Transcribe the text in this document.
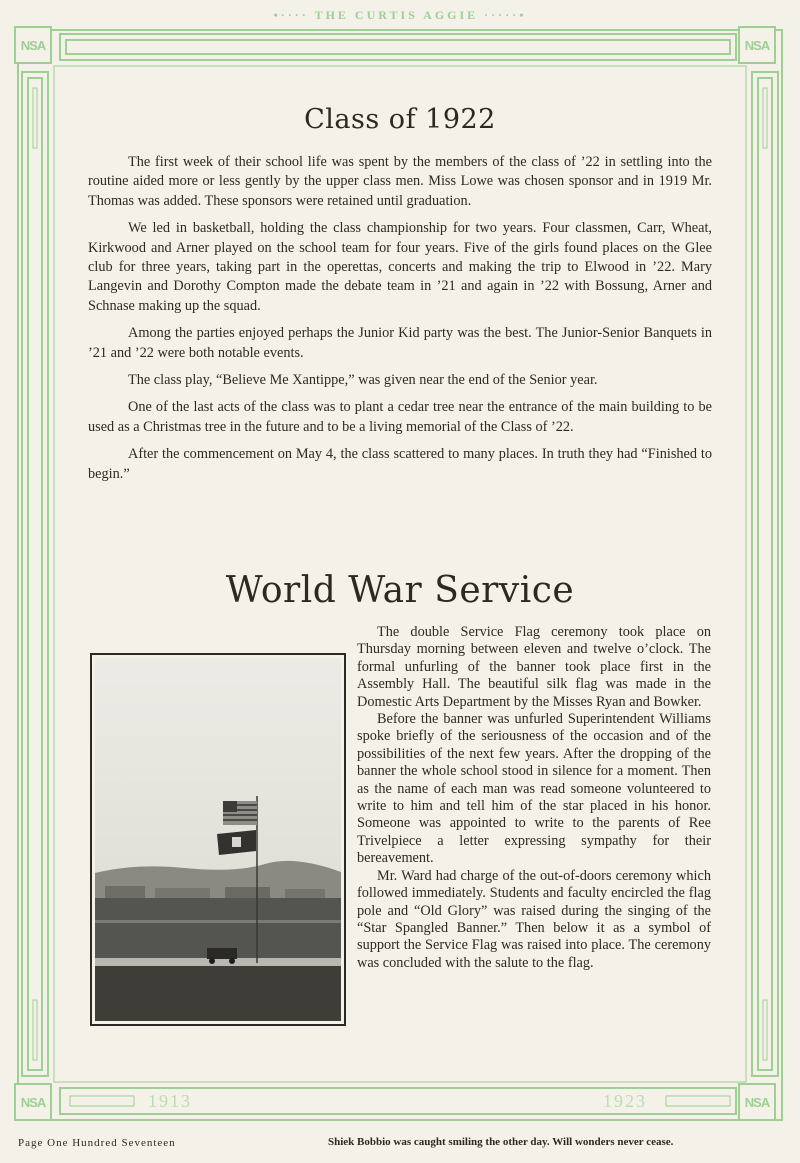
•···· THE CURTIS AGGIE ·····•
NSA	NSA
NSA	NSA
1913	1923
Class of 1922

The first week of their school life was spent by the members of the class of ’22 in settling into the routine aided more or less gently by the upper class men. Miss Lowe was chosen sponsor and in 1919 Mr. Thomas was added. These sponsors were retained until graduation.

We led in basketball, holding the class championship for two years. Four classmen, Carr, Wheat, Kirkwood and Arner played on the school team for four years. Five of the girls found places on the Glee club for three years, taking part in the operettas, concerts and making the trip to Elwood in ’22. Mary Langevin and Dorothy Compton made the debate team in ’21 and again in ’22 with Bossung, Arner and Schnase making up the squad.

Among the parties enjoyed perhaps the Junior Kid party was the best. The Junior-Senior Banquets in ’21 and ’22 were both notable events.

The class play, “Believe Me Xantippe,” was given near the end of the Senior year.

One of the last acts of the class was to plant a cedar tree near the entrance of the main building to be used as a Christmas tree in the future and to be a living memorial of the Class of ’22.

After the commencement on May 4, the class scattered to many places. In truth they had “Finished to begin.”

World War Service

The double Service Flag ceremony took place on Thursday morning between eleven and twelve o’clock. The formal unfurling of the banner took place first in the Assembly Hall. The beautiful silk flag was made in the Domestic Arts Department by the Misses Ryan and Bowker.

Before the banner was unfurled Superintendent Williams spoke briefly of the seriousness of the occasion and of the possibilities of the next few years. After the dropping of the banner the whole school stood in silence for a moment. Then as the name of each man was read someone volunteered to write to him and tell him of the star placed in his honor. Someone was appointed to write to the parents of Ree Trivelpiece a letter expressing sympathy for their bereavement.

Mr. Ward had charge of the out-of-doors ceremony which followed immediately. Students and faculty encircled the flag pole and “Old Glory” was raised during the singing of the “Star Spangled Banner.” Then below it as a symbol of support the Service Flag was raised into place. The ceremony was concluded with the salute to the flag.

Page One Hundred Seventeen	Shiek Bobbio was caught smiling the other day. Will wonders never cease.
